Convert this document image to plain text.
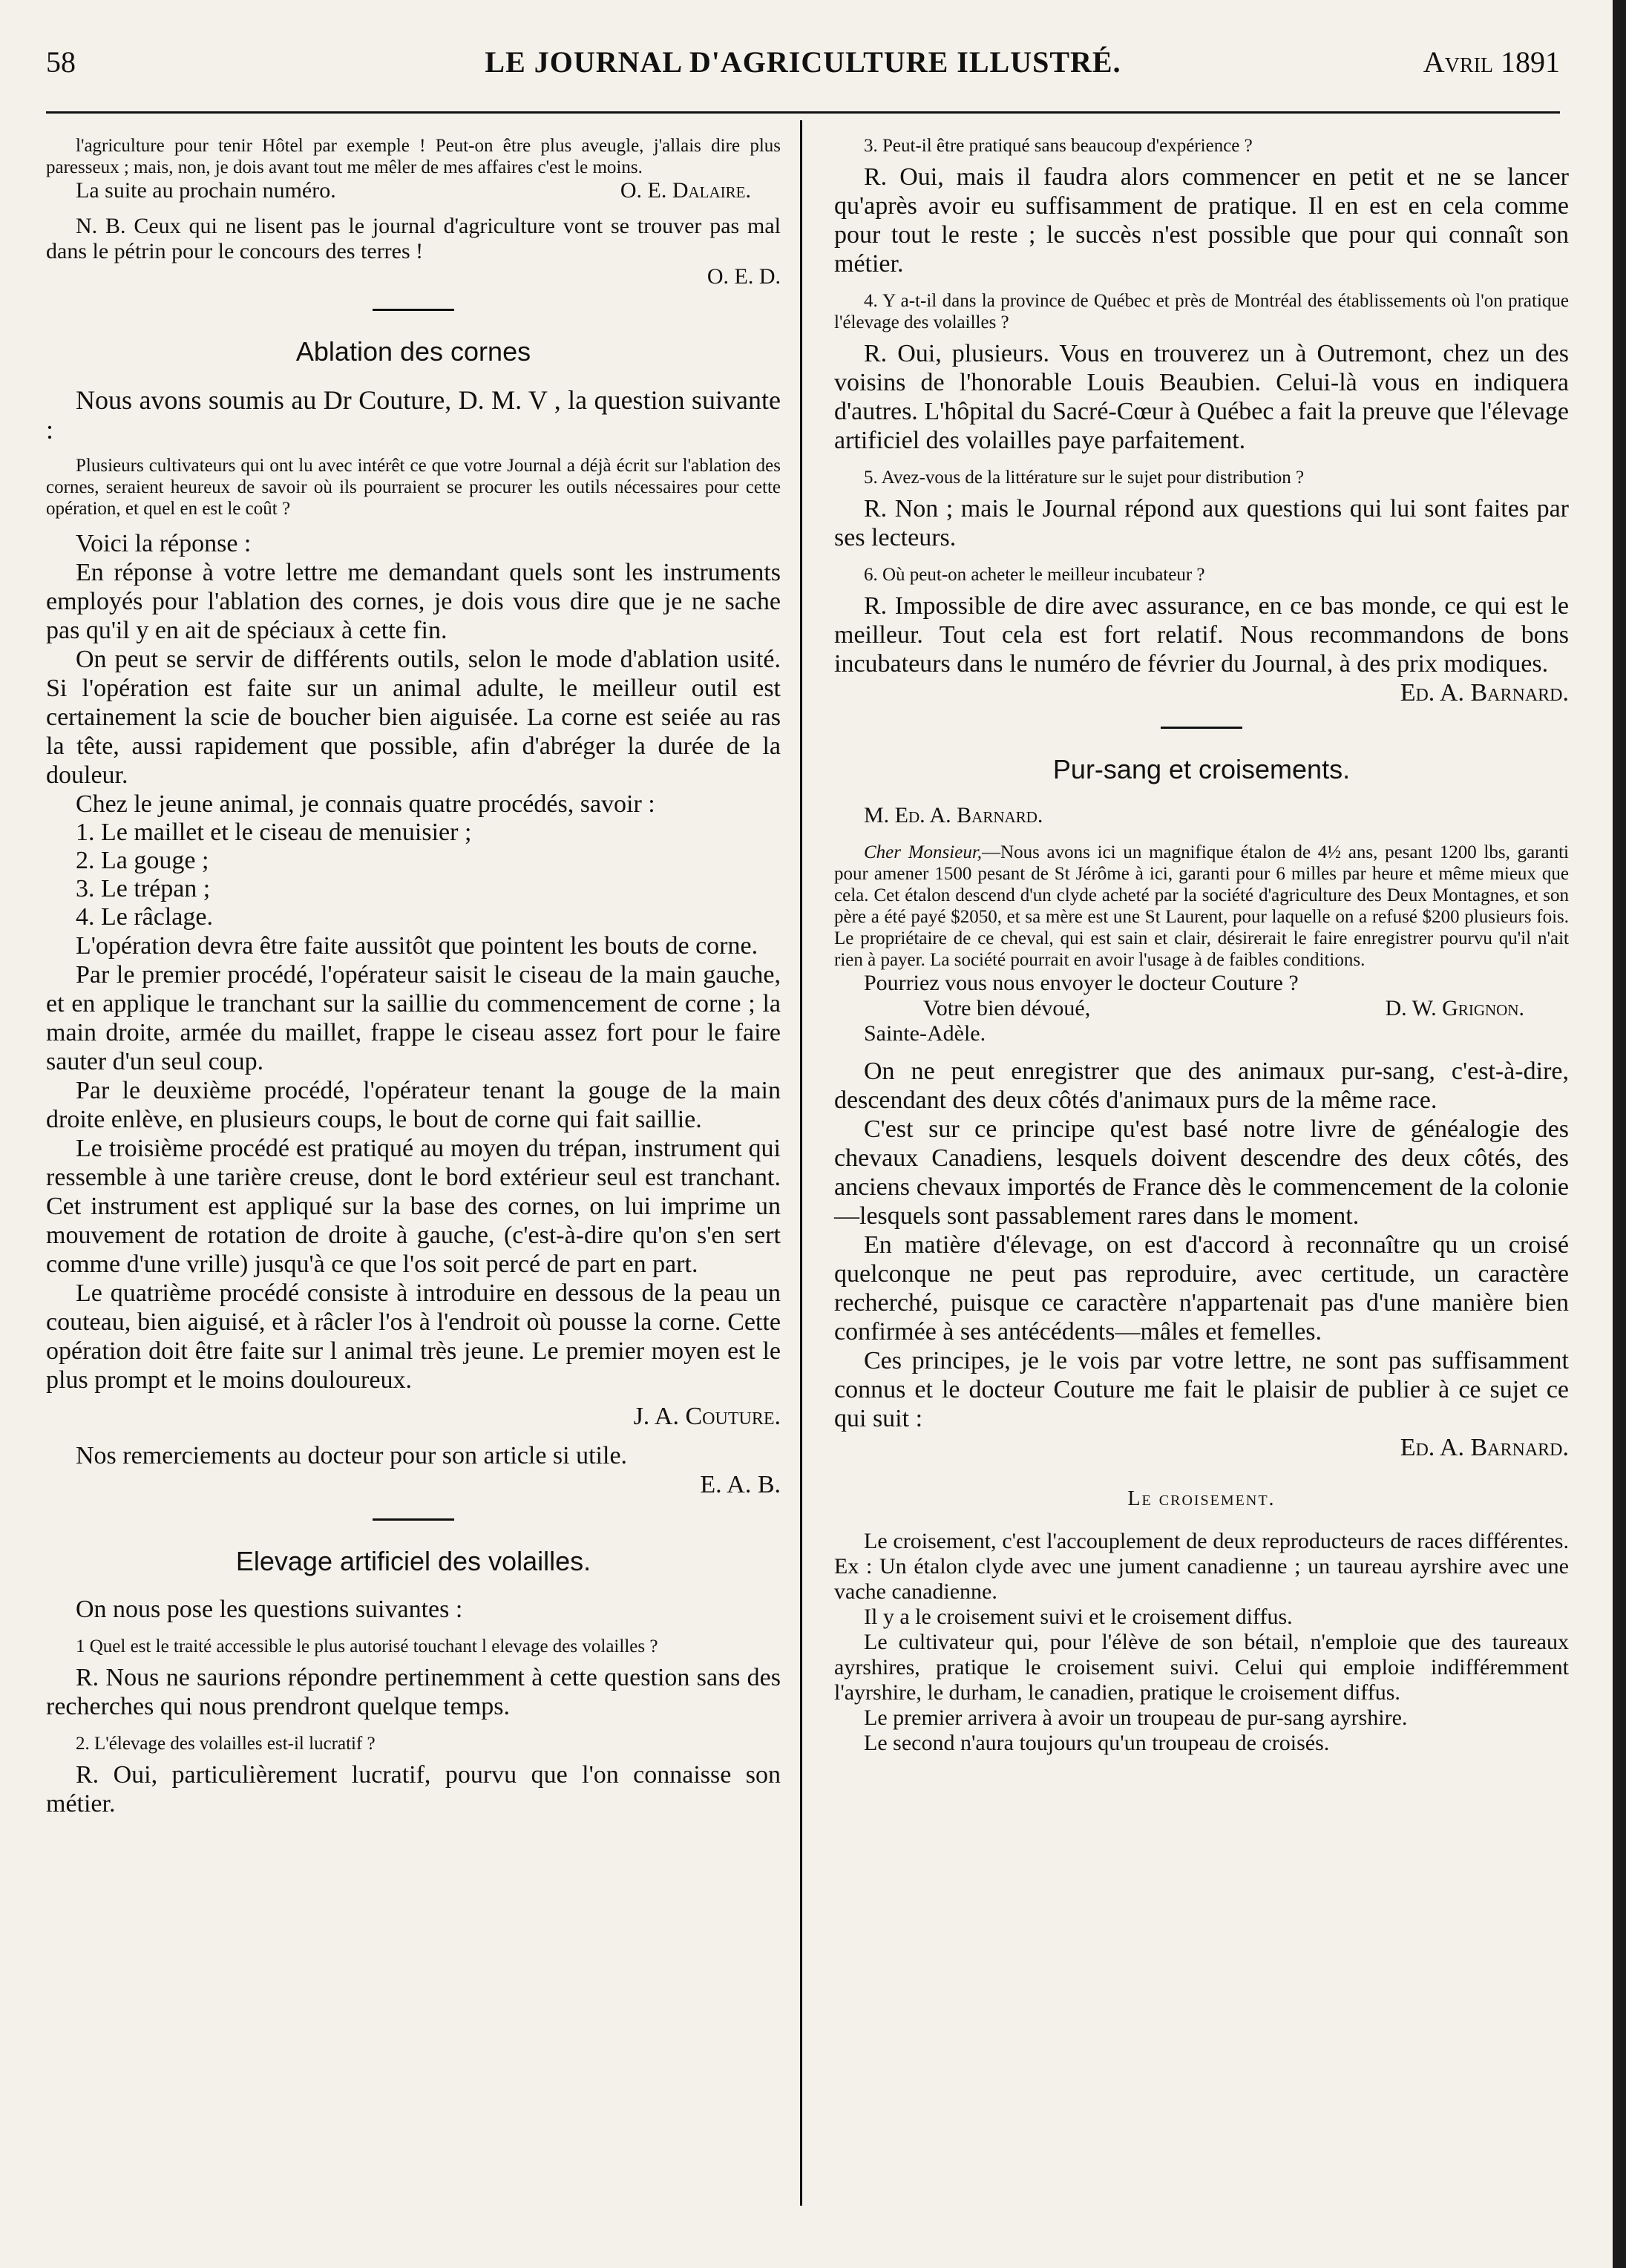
58	LE JOURNAL D'AGRICULTURE ILLUSTRÉ.	Avril 1891

l'agriculture pour tenir Hôtel par exemple ! Peut-on être plus aveugle, j'allais dire plus paresseux ; mais, non, je dois avant tout me mêler de mes affaires c'est le moins.

La suite au prochain numéro.	O. E. Dalaire.

N. B. Ceux qui ne lisent pas le journal d'agriculture vont se trouver pas mal dans le pétrin pour le concours des terres !

O. E. D.

Ablation des cornes

Nous avons soumis au Dr Couture, D. M. V , la question suivante :

Plusieurs cultivateurs qui ont lu avec intérêt ce que votre Journal a déjà écrit sur l'ablation des cornes, seraient heureux de savoir où ils pourraient se procurer les outils nécessaires pour cette opération, et quel en est le coût ?

Voici la réponse :

En réponse à votre lettre me demandant quels sont les instruments employés pour l'ablation des cornes, je dois vous dire que je ne sache pas qu'il y en ait de spéciaux à cette fin.

On peut se servir de différents outils, selon le mode d'ablation usité. Si l'opération est faite sur un animal adulte, le meilleur outil est certainement la scie de boucher bien aiguisée. La corne est seiée au ras la tête, aussi rapidement que possible, afin d'abréger la durée de la douleur.

Chez le jeune animal, je connais quatre procédés, savoir :

1. Le maillet et le ciseau de menuisier ;
2. La gouge ;
3. Le trépan ;
4. Le râclage.

L'opération devra être faite aussitôt que pointent les bouts de corne.

Par le premier procédé, l'opérateur saisit le ciseau de la main gauche, et en applique le tranchant sur la saillie du commencement de corne ; la main droite, armée du maillet, frappe le ciseau assez fort pour le faire sauter d'un seul coup.

Par le deuxième procédé, l'opérateur tenant la gouge de la main droite enlève, en plusieurs coups, le bout de corne qui fait saillie.

Le troisième procédé est pratiqué au moyen du trépan, instrument qui ressemble à une tarière creuse, dont le bord extérieur seul est tranchant. Cet instrument est appliqué sur la base des cornes, on lui imprime un mouvement de rotation de droite à gauche, (c'est-à-dire qu'on s'en sert comme d'une vrille) jusqu'à ce que l'os soit percé de part en part.

Le quatrième procédé consiste à introduire en dessous de la peau un couteau, bien aiguisé, et à râcler l'os à l'endroit où pousse la corne. Cette opération doit être faite sur l animal très jeune. Le premier moyen est le plus prompt et le moins douloureux.

J. A. Couture.

Nos remerciements au docteur pour son article si utile.

E. A. B.

Elevage artificiel des volailles.

On nous pose les questions suivantes :

1 Quel est le traité accessible le plus autorisé touchant l elevage des volailles ?

R. Nous ne saurions répondre pertinemment à cette question sans des recherches qui nous prendront quelque temps.

2. L'élevage des volailles est-il lucratif ?

R. Oui, particulièrement lucratif, pourvu que l'on connaisse son métier.

3. Peut-il être pratiqué sans beaucoup d'expérience ?

R. Oui, mais il faudra alors commencer en petit et ne se lancer qu'après avoir eu suffisamment de pratique. Il en est en cela comme pour tout le reste ; le succès n'est possible que pour qui connaît son métier.

4. Y a-t-il dans la province de Québec et près de Montréal des établissements où l'on pratique l'élevage des volailles ?

R. Oui, plusieurs. Vous en trouverez un à Outremont, chez un des voisins de l'honorable Louis Beaubien. Celui-là vous en indiquera d'autres. L'hôpital du Sacré-Cœur à Québec a fait la preuve que l'élevage artificiel des volailles paye parfaitement.

5. Avez-vous de la littérature sur le sujet pour distribution ?

R. Non ; mais le Journal répond aux questions qui lui sont faites par ses lecteurs.

6. Où peut-on acheter le meilleur incubateur ?

R. Impossible de dire avec assurance, en ce bas monde, ce qui est le meilleur. Tout cela est fort relatif. Nous recommandons de bons incubateurs dans le numéro de février du Journal, à des prix modiques.

Ed. A. Barnard.

Pur-sang et croisements.

M. Ed. A. Barnard.

Cher Monsieur,—Nous avons ici un magnifique étalon de 4½ ans, pesant 1200 lbs, garanti pour amener 1500 pesant de St Jérôme à ici, garanti pour 6 milles par heure et même mieux que cela. Cet étalon descend d'un clyde acheté par la société d'agriculture des Deux Montagnes, et son père a été payé $2050, et sa mère est une St Laurent, pour laquelle on a refusé $200 plusieurs fois. Le propriétaire de ce cheval, qui est sain et clair, désirerait le faire enregistrer pourvu qu'il n'ait rien à payer. La société pourrait en avoir l'usage à de faibles conditions.

Pourriez vous nous envoyer le docteur Couture ?

Votre bien dévoué,	D. W. Grignon.

Sainte-Adèle.

On ne peut enregistrer que des animaux pur-sang, c'est-à-dire, descendant des deux côtés d'animaux purs de la même race.

C'est sur ce principe qu'est basé notre livre de généalogie des chevaux Canadiens, lesquels doivent descendre des deux côtés, des anciens chevaux importés de France dès le commencement de la colonie—lesquels sont passablement rares dans le moment.

En matière d'élevage, on est d'accord à reconnaître qu un croisé quelconque ne peut pas reproduire, avec certitude, un caractère recherché, puisque ce caractère n'appartenait pas d'une manière bien confirmée à ses antécédents—mâles et femelles.

Ces principes, je le vois par votre lettre, ne sont pas suffisamment connus et le docteur Couture me fait le plaisir de publier à ce sujet ce qui suit :

Ed. A. Barnard.

Le croisement.

Le croisement, c'est l'accouplement de deux reproducteurs de races différentes. Ex : Un étalon clyde avec une jument canadienne ; un taureau ayrshire avec une vache canadienne.

Il y a le croisement suivi et le croisement diffus.

Le cultivateur qui, pour l'élève de son bétail, n'emploie que des taureaux ayrshires, pratique le croisement suivi. Celui qui emploie indifféremment l'ayrshire, le durham, le canadien, pratique le croisement diffus.

Le premier arrivera à avoir un troupeau de pur-sang ayrshire.

Le second n'aura toujours qu'un troupeau de croisés.
